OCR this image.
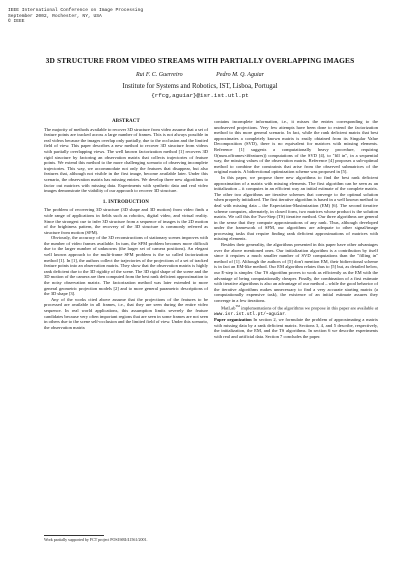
IEEE International Conference on Image Processing
September 2002, Rochester, NY, USA
© IEEE
3D STRUCTURE FROM VIDEO STREAMS WITH PARTIALLY OVERLAPPING IMAGES
Rui F. C. Guerreiro	Pedro M. Q. Aguiar
Institute for Systems and Robotics, IST, Lisboa, Portugal
{rfcg,aguiar}@isr.ist.utl.pt
ABSTRACT

The majority of methods available to recover 3D structure from video assume that a set of feature points are tracked across a large number of frames. This is not always possible in real videos because the images overlap only partially, due to the occlusion and the limited field of view. This paper describes a new method to recover 3D structure from videos with partially overlapping views. The well known factorization method [1] recovers 3D rigid structure by factoring an observation matrix that collects trajectories of feature points. We extend this method to the more challenging scenario of observing incomplete trajectories. This way, we accommodate not only the features that disappear, but also features that, although not visible in the first image, become available later. Under this scenario, the observation matrix has missing entries. We develop three new algorithms to factor out matrices with missing data. Experiments with synthetic data and real video images demonstrate the viability of our approach to recover 3D structure.

1. INTRODUCTION

The problem of recovering 3D structure (3D shape and 3D motion) from video finds a wide range of applications in fields such as robotics, digital video, and virtual reality. Since the strongest cue to infer 3D structure from a sequence of images is the 2D motion of the brightness pattern, the recovery of the 3D structure is commonly referred as structure from motion (SFM).

Obviously, the accuracy of the 3D reconstructions of stationary scenes improves with the number of video frames available. In turn, the SFM problem becomes more difficult due to the larger number of unknowns (the larger set of camera positions). An elegant well known approach to the multi-frame SFM problem is the so called factorization method [1]. In [1], the authors collect the trajectories of the projections of a set of tracked feature points into an observation matrix. They show that the observation matrix is highly rank deficient due to the 3D rigidity of the scene. The 3D rigid shape of the scene and the 3D motion of the camera are then computed from the best rank deficient approximation to the noisy observation matrix. The factorization method was later extended to more general geometric projection models [2] and to more general parametric descriptions of the 3D shape [3].

Any of the works cited above assume that the projections of the features to be processed are available in all frames, i.e., that they are seen during the entire video sequence. In real world applications, this assumption limits severely the feature candidates because very often important regions that are seen in some frames are not seen in others due to the scene self-occlusion and the limited field of view. Under this scenario, the observation matrix

contains incomplete information, i.e., it misses the entries corresponding to the unobserved projections. Very few attempts have been done to extend the factorization method to this more general scenario. In fact, while the rank deficient matrix that best approximates a completely known matrix is easily obtained from its Singular Value Decomposition (SVD), there is no equivalent for matrices with missing elements. Reference [1] suggests a computationally heavy procedure, requiring O(num.offrames×#features)) computations of the SVD [4], to "fill in", in a sequential way, the missing values of the observation matrix. Reference [4] proposes a sub-optimal method to combine the constraints that arise from the observed submatrices of the original matrix. A bidirectional optimization scheme was proposed in [5].

In this paper, we propose three new algorithms to find the best rank deficient approximation of a matrix with missing elements. The first algorithm can be seen as an initialization – it computes in an efficient way an initial estimate of the complete matrix. The other two algorithms are iterative schemes that converge to the optimal solution when properly initialized. The first iterative algorithm is based in a well known method to deal with missing data – the Expectation-Maximization (EM) [6]. The second iterative scheme computes, alternately, in closed form, two matrices whose product is the solution matrix. We call this the Two-Step (TS) iterative method. Our three algorithms are general in the sense that they compute approximations of any rank. Thus, although developed under the framework of SFM, our algorithms are adequate to other signal/image processing tasks that require finding rank deficient approximations of matrices with missing elements.

Besides their generality, the algorithms presented in this paper have other advantages over the above mentioned ones. Our initialization algorithm is a contribution by itself since it requires a much smaller number of SVD computations than the "filling in" method of [1]. Although the authors of [5] don't mention EM, their bidirectional scheme is in fact an EM-like method. Our EM algorithm relates thus to [5] but, as detailed below, our E-step is simpler. Our TS algorithm proves to work as efficiently as the EM with the advantage of being computationally cheaper. Finally, the combination of a first estimate with iterative algorithms is also an advantage of our method – while the good behavior of the iterative algorithms makes unnecessary to find a very accurate starting matrix (a computationally expensive task), the existence of an initial estimate assures they converge in a few iterations.

MatLab™ implementations of the algorithms we propose in this paper are available at www.isr.ist.utl.pt/~aguiar.

Paper organization In section 2, we formulate the problem of approximating a matrix with missing data by a rank deficient matrix. Sections 3, 4, and 5 describe, respectively, the initialization, the EM, and the TS algorithms. In section 6 we describe experiments with real and artificial data. Section 7 concludes the paper.

Work partially supported by FCT project POSI/SRI/41561/2001.
